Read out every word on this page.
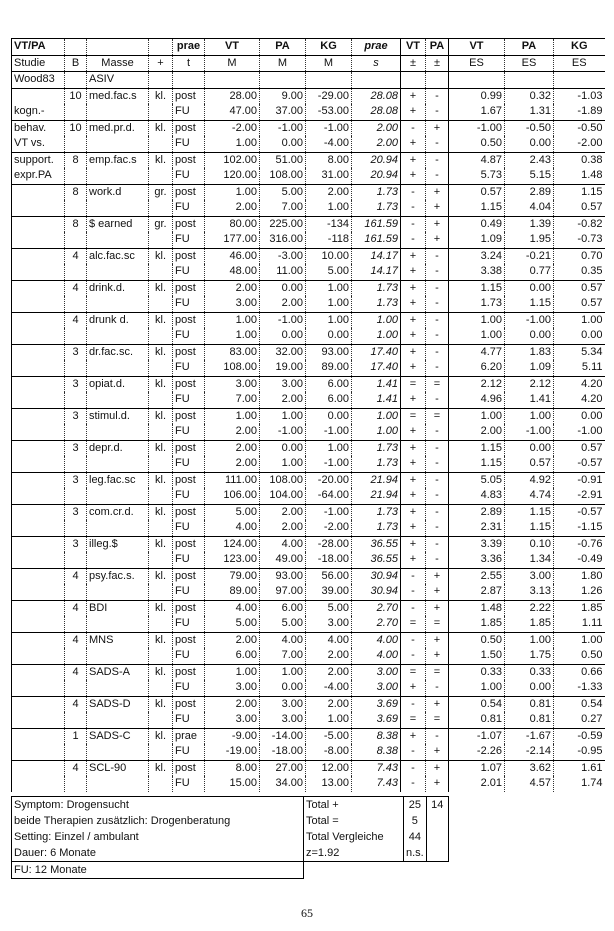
VT/PA				prae	VT	PA	KG	prae	VT	PA	VT	PA	KG
Studie	B	Masse	+	t	M	M	M	s	±	±	ES	ES	ES
Wood83		ASIV											
	10	med.fac.s	kl.	post	28.00	9.00	-29.00	28.08	+	-	0.99	0.32	-1.03
kogn.-				FU	47.00	37.00	-53.00	28.08	+	-	1.67	1.31	-1.89
behav.	10	med.pr.d.	kl.	post	-2.00	-1.00	-1.00	2.00	-	+	-1.00	-0.50	-0.50
VT vs.				FU	1.00	0.00	-4.00	2.00	+	-	0.50	0.00	-2.00
support.	8	emp.fac.s	kl.	post	102.00	51.00	8.00	20.94	+	-	4.87	2.43	0.38
expr.PA				FU	120.00	108.00	31.00	20.94	+	-	5.73	5.15	1.48
	8	work.d	gr.	post	1.00	5.00	2.00	1.73	-	+	0.57	2.89	1.15
				FU	2.00	7.00	1.00	1.73	-	+	1.15	4.04	0.57
	8	$ earned	gr.	post	80.00	225.00	-134	161.59	-	+	0.49	1.39	-0.82
				FU	177.00	316.00	-118	161.59	-	+	1.09	1.95	-0.73
	4	alc.fac.sc	kl.	post	46.00	-3.00	10.00	14.17	+	-	3.24	-0.21	0.70
				FU	48.00	11.00	5.00	14.17	+	-	3.38	0.77	0.35
	4	drink.d.	kl.	post	2.00	0.00	1.00	1.73	+	-	1.15	0.00	0.57
				FU	3.00	2.00	1.00	1.73	+	-	1.73	1.15	0.57
	4	drunk d.	kl.	post	1.00	-1.00	1.00	1.00	+	-	1.00	-1.00	1.00
				FU	1.00	0.00	0.00	1.00	+	-	1.00	0.00	0.00
	3	dr.fac.sc.	kl.	post	83.00	32.00	93.00	17.40	+	-	4.77	1.83	5.34
				FU	108.00	19.00	89.00	17.40	+	-	6.20	1.09	5.11
	3	opiat.d.	kl.	post	3.00	3.00	6.00	1.41	=	=	2.12	2.12	4.20
				FU	7.00	2.00	6.00	1.41	+	-	4.96	1.41	4.20
	3	stimul.d.	kl.	post	1.00	1.00	0.00	1.00	=	=	1.00	1.00	0.00
				FU	2.00	-1.00	-1.00	1.00	+	-	2.00	-1.00	-1.00
	3	depr.d.	kl.	post	2.00	0.00	1.00	1.73	+	-	1.15	0.00	0.57
				FU	2.00	1.00	-1.00	1.73	+	-	1.15	0.57	-0.57
	3	leg.fac.sc	kl.	post	111.00	108.00	-20.00	21.94	+	-	5.05	4.92	-0.91
				FU	106.00	104.00	-64.00	21.94	+	-	4.83	4.74	-2.91
	3	com.cr.d.	kl.	post	5.00	2.00	-1.00	1.73	+	-	2.89	1.15	-0.57
				FU	4.00	2.00	-2.00	1.73	+	-	2.31	1.15	-1.15
	3	illeg.$	kl.	post	124.00	4.00	-28.00	36.55	+	-	3.39	0.10	-0.76
				FU	123.00	49.00	-18.00	36.55	+	-	3.36	1.34	-0.49
	4	psy.fac.s.	kl.	post	79.00	93.00	56.00	30.94	-	+	2.55	3.00	1.80
				FU	89.00	97.00	39.00	30.94	-	+	2.87	3.13	1.26
	4	BDI	kl.	post	4.00	6.00	5.00	2.70	-	+	1.48	2.22	1.85
				FU	5.00	5.00	3.00	2.70	=	=	1.85	1.85	1.11
	4	MNS	kl.	post	2.00	4.00	4.00	4.00	-	+	0.50	1.00	1.00
				FU	6.00	7.00	2.00	4.00	-	+	1.50	1.75	0.50
	4	SADS-A	kl.	post	1.00	1.00	2.00	3.00	=	=	0.33	0.33	0.66
				FU	3.00	0.00	-4.00	3.00	+	-	1.00	0.00	-1.33
	4	SADS-D	kl.	post	2.00	3.00	2.00	3.69	-	+	0.54	0.81	0.54
				FU	3.00	3.00	1.00	3.69	=	=	0.81	0.81	0.27
	1	SADS-C	kl.	prae	-9.00	-14.00	-5.00	8.38	+	-	-1.07	-1.67	-0.59
				FU	-19.00	-18.00	-8.00	8.38	-	+	-2.26	-2.14	-0.95
	4	SCL-90	kl.	post	8.00	27.00	12.00	7.43	-	+	1.07	3.62	1.61
				FU	15.00	34.00	13.00	7.43	-	+	2.01	4.57	1.74
Symptom: Drogensucht	Total +	25	14
beide Therapien zusätzlich: Drogenberatung	Total =	5	
Setting: Einzel / ambulant	Total Vergleiche	44	
Dauer: 6 Monate	z=1.92	n.s.	
FU: 12 Monate			
65
